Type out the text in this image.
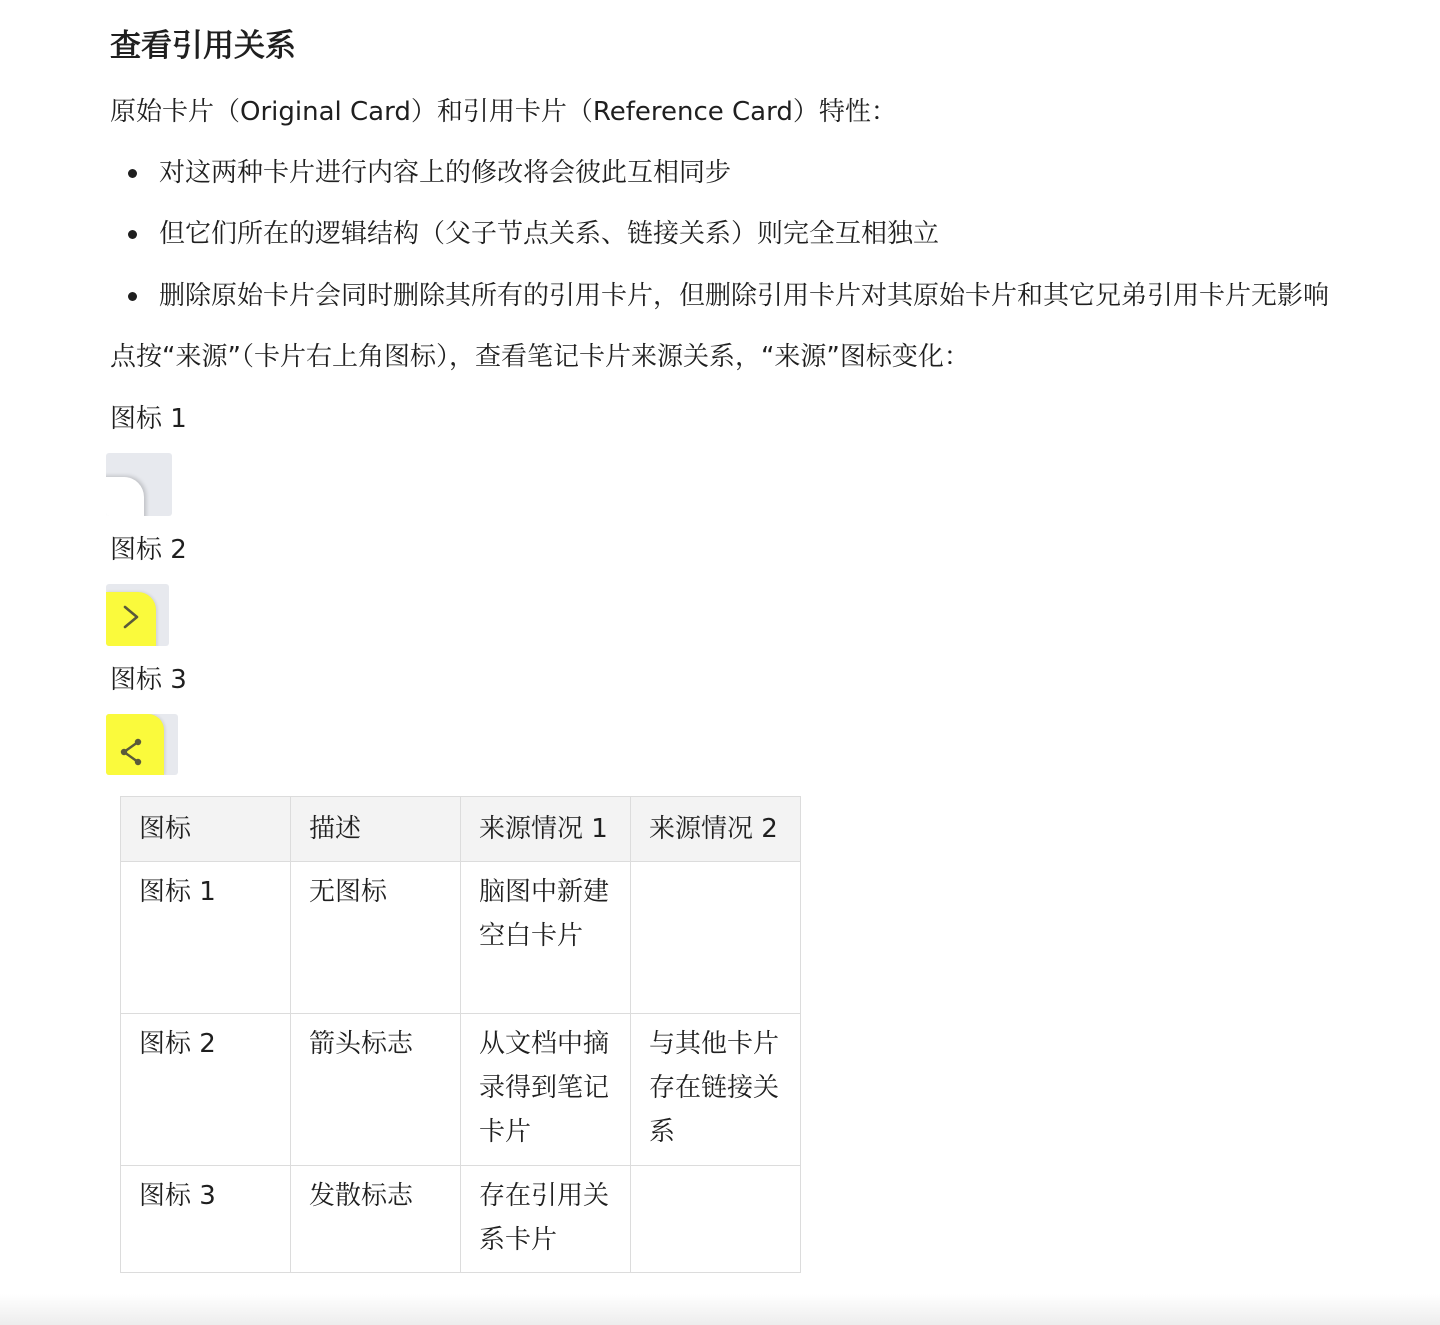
查看引用关系

原始卡片（Original Card）和引用卡片（Reference Card）特性：

对这两种卡片进行内容上的修改将会彼此互相同步
但它们所在的逻辑结构（父子节点关系、链接关系）则完全互相独立
删除原始卡片会同时删除其所有的引用卡片，但删除引用卡片对其原始卡片和其它兄弟引用卡片无影响

点按“来源”（卡片右上角图标），查看笔记卡片来源关系，“来源”图标变化：

图标 1

图标 2

图标 3

图标	描述	来源情况 1	来源情况 2

图标 1	无图标	脑图中新建空白卡片	

图标 2	箭头标志	从文档中摘录得到笔记卡片	与其他卡片存在链接关系

图标 3	发散标志	存在引用关系卡片	
